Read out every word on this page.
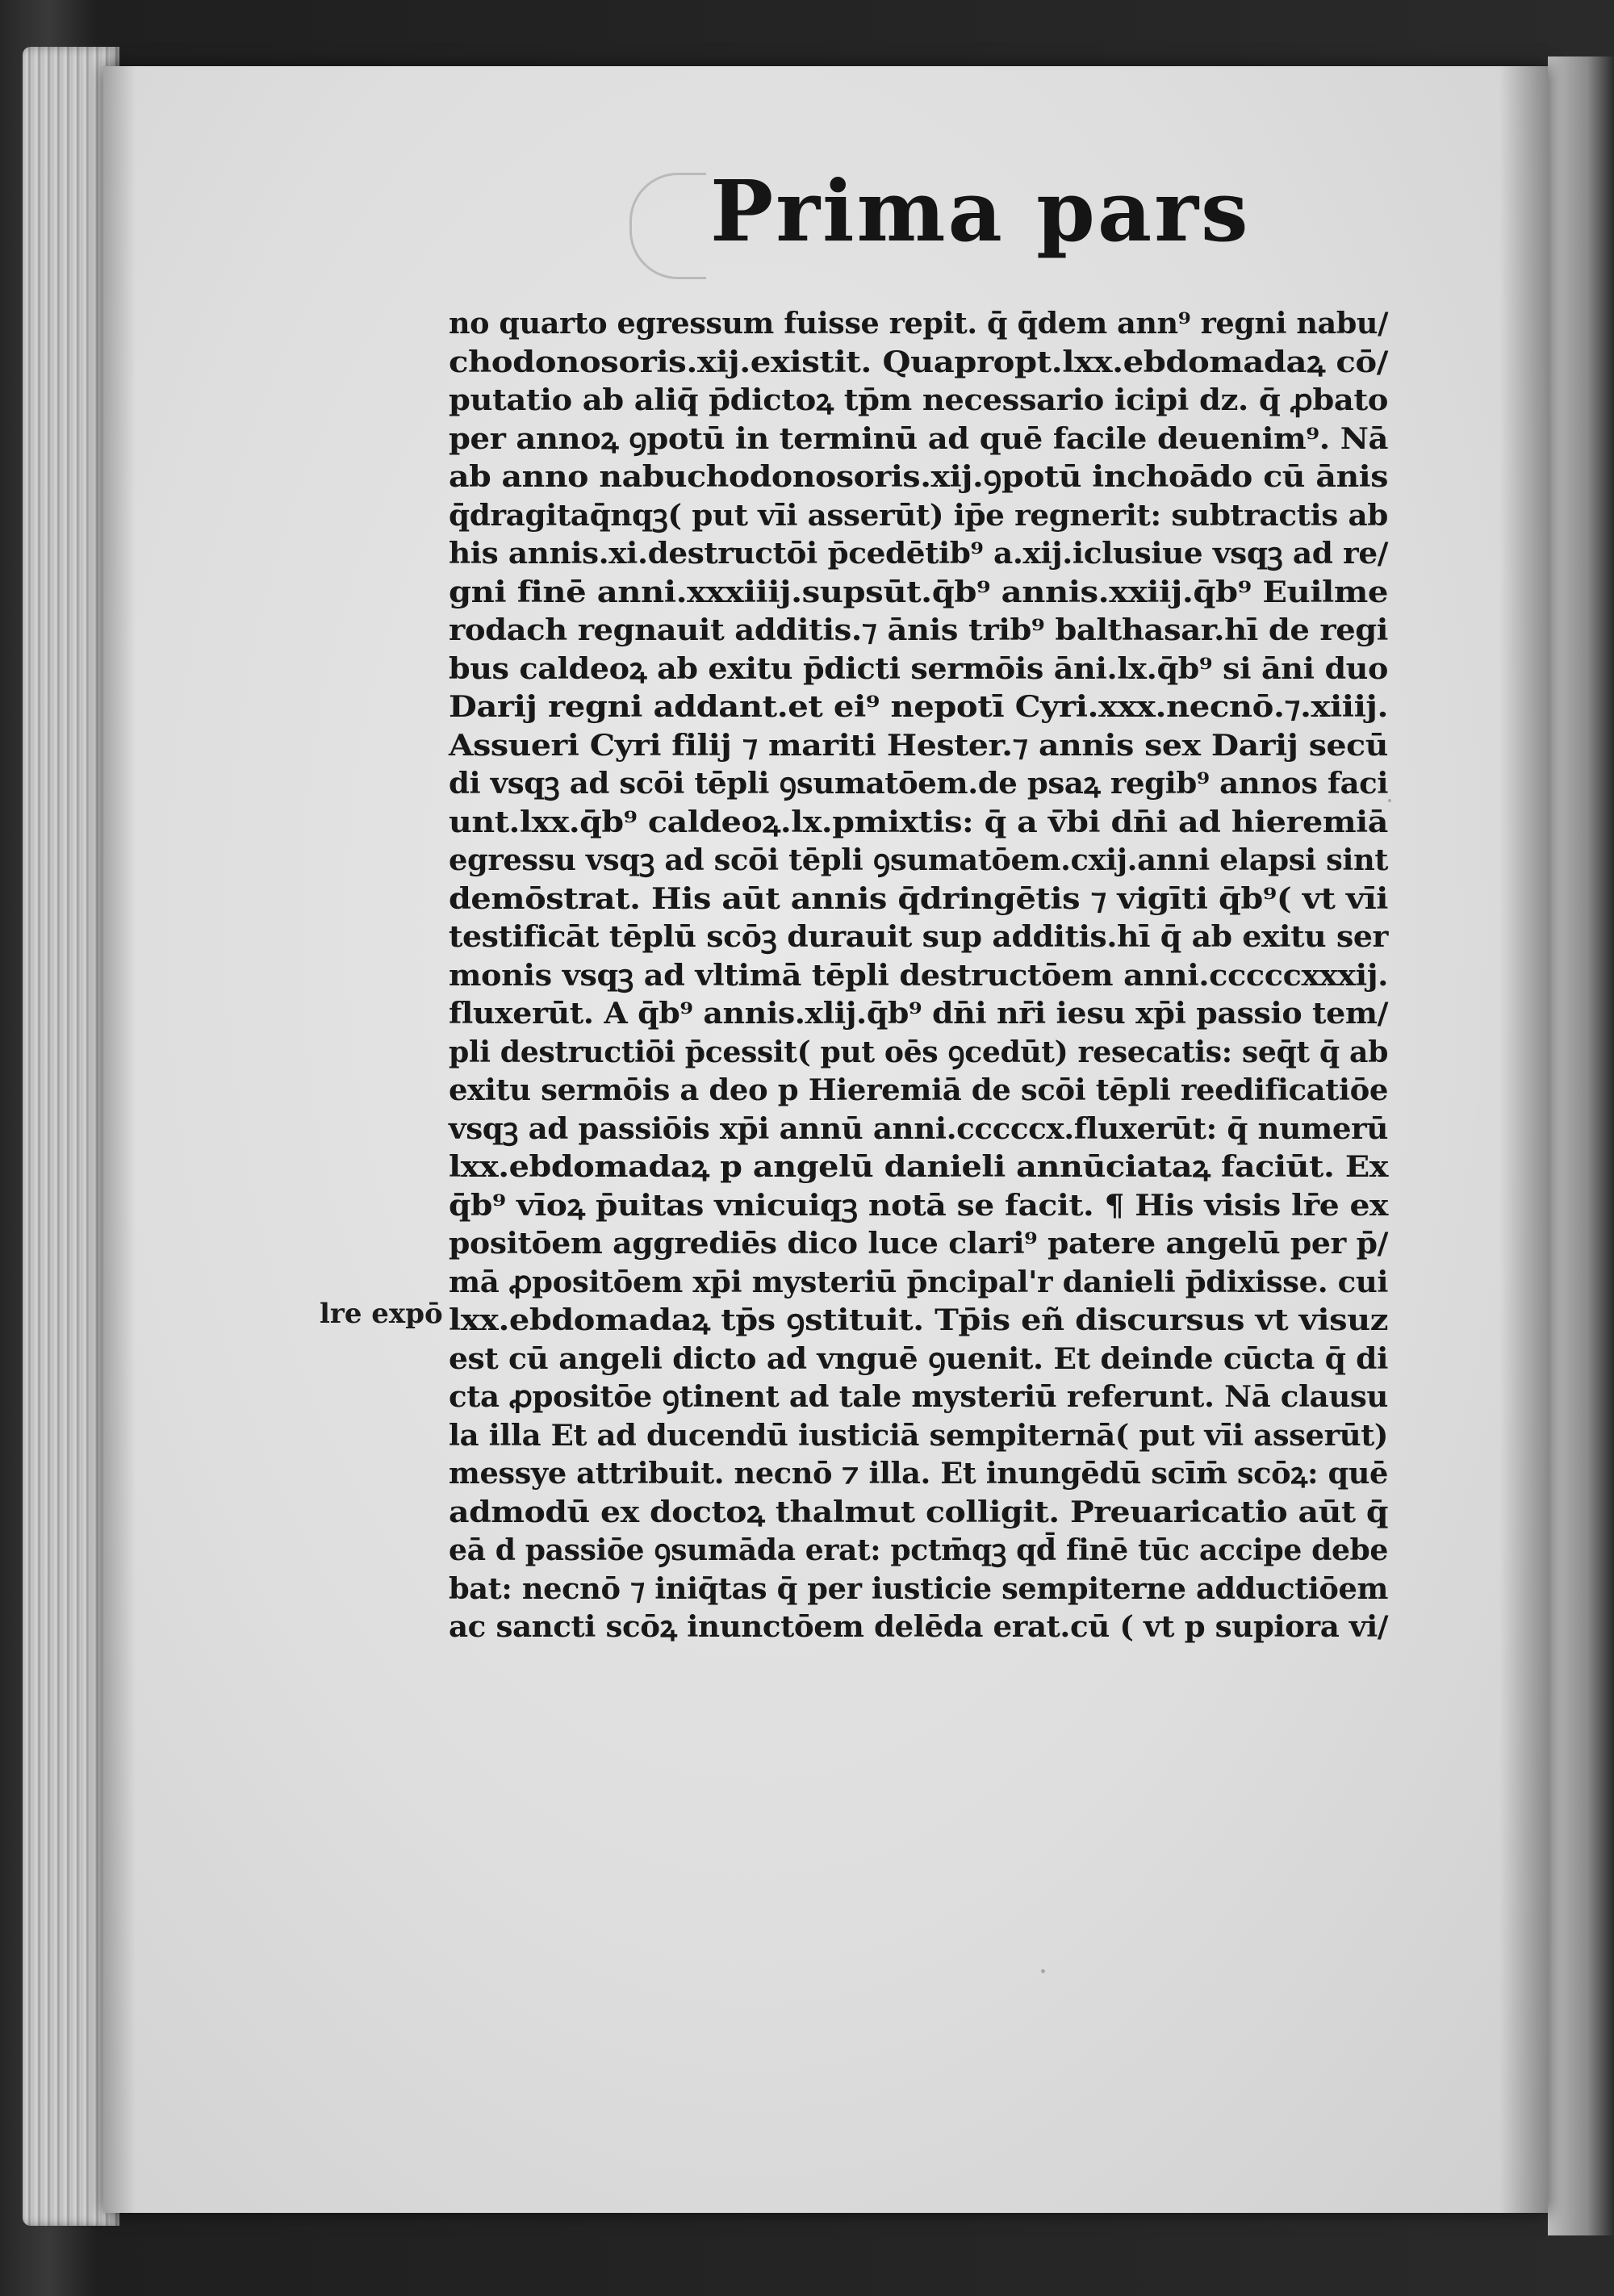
Prima pars
lre expō
no quarto egressum fuisse repit. q̄ q̄dem ann⁹ regni nabu/
chodonosoris.xij.existit. Quapropt.lxx.ebdomadaꝝ cō/
putatio ab aliq̄ p̄dictoꝝ tp̄m necessario icipi dz. q̄ ꝓbato
per annoꝝ ꝯpotū in terminū ad quē facile deuenim⁹. Nā
ab anno nabuchodonosoris.xij.ꝯpotū inchoādo cū ānis
q̄dragitaq̄nqꝫ( put vīi asserūt) ip̄e regnerit: subtractis ab
his annis.xi.destructōi p̄cedētib⁹ a.xij.iclusiue vsqꝫ ad re/
gni finē anni.xxxiiij.supsūt.q̄b⁹ annis.xxiij.q̄b⁹ Euilme
rodach regnauit additis.⁊ ānis trib⁹ balthasar.hī de regi
bus caldeoꝝ ab exitu p̄dicti sermōis āni.lx.q̄b⁹ si āni duo
Darij regni addant.et ei⁹ nepotī Cyri.xxx.necnō.⁊.xiiij.
Assueri Cyri filij ⁊ mariti Hester.⁊ annis sex Darij secū
di vsqꝫ ad scōi tēpli ꝯsumatōem.de psaꝝ regib⁹ annos faci
unt.lxx.q̄b⁹ caldeoꝝ.lx.pmixtis: q̄ a v̄bi dn̄i ad hieremiā
egressu vsqꝫ ad scōi tēpli ꝯsumatōem.cxij.anni elapsi sint
demōstrat. His aūt annis q̄dringētis ⁊ vigīti q̄b⁹( vt vīi
testificāt tēplū scōꝫ durauit sup additis.hī q̄ ab exitu ser
monis vsqꝫ ad vltimā tēpli destructōem anni.cccccxxxij.
fluxerūt. A q̄b⁹ annis.xlij.q̄b⁹ dn̄i nr̄i iesu xp̄i passio tem/
pli destructiōi p̄cessit( put oēs ꝯcedūt) resecatis: seq̄t q̄ ab
exitu sermōis a deo p Hieremiā de scōi tēpli reedificatiōe
vsqꝫ ad passiōis xp̄i annū anni.cccccx.fluxerūt: q̄ numerū
lxx.ebdomadaꝝ p angelū danieli annūciataꝝ faciūt. Ex
q̄b⁹ vīoꝝ p̄uitas vnicuiqꝫ notā se facit. ¶ His visis lr̄e ex
positōem aggrediēs dico luce clari⁹ patere angelū per p̄/
mā ꝓpositōem xp̄i mysteriū p̄ncipal'r danieli p̄dixisse. cui
lxx.ebdomadaꝝ tp̄s ꝯstituit. Tp̄is eñ discursus vt visuz
est cū angeli dicto ad vnguē ꝯuenit. Et deinde cūcta q̄ di
cta ꝓpositōe ꝯtinent ad tale mysteriū referunt. Nā clausu
la illa Et ad ducendū iusticiā sempiternā( put vīi asserūt)
messye attribuit. necnō ⁊ illa. Et inungēdū scīm̄ scōꝝ: quē
admodū ex doctoꝝ thalmut colligit. Preuaricatio aūt q̄
eā d passiōe ꝯsumāda erat: pctm̄qꝫ qd̄ finē tūc accipe debe
bat: necnō ⁊ iniq̄tas q̄ per iusticie sempiterne adductiōem
ac sancti scōꝝ inunctōem delēda erat.cū ( vt p supiora vi/
